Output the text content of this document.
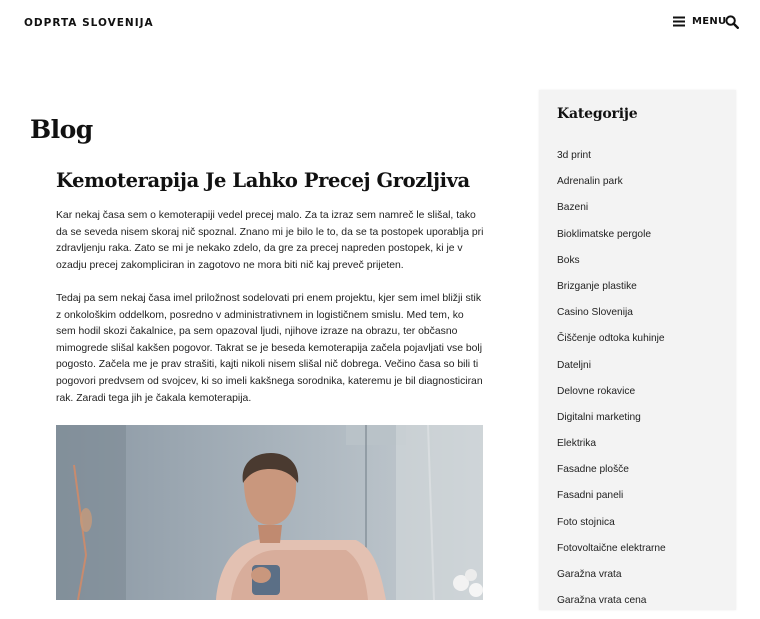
ODPRTA SLOVENIJA	MENU
Blog
Kemoterapija Je Lahko Precej Grozljiva

Kar nekaj časa sem o kemoterapiji vedel precej malo. Za ta izraz sem namreč le slišal, tako da se seveda nisem skoraj nič spoznal. Znano mi je bilo le to, da se ta postopek uporablja pri zdravljenju raka. Zato se mi je nekako zdelo, da gre za precej napreden postopek, ki je v ozadju precej zakompliciran in zagotovo ne mora biti nič kaj preveč prijeten.

Tedaj pa sem nekaj časa imel priložnost sodelovati pri enem projektu, kjer sem imel bližji stik z onkološkim oddelkom, posredno v administrativnem in logističnem smislu. Med tem, ko sem hodil skozi čakalnice, pa sem opazoval ljudi, njihove izraze na obrazu, ter občasno mimogrede slišal kakšen pogovor. Takrat se je beseda kemoterapija začela pojavljati vse bolj pogosto. Začela me je prav strašiti, kajti nikoli nisem slišal nič dobrega. Večino časa so bili ti pogovori predvsem od svojcev, ki so imeli kakšnega sorodnika, kateremu je bil diagnosticiran rak. Zaradi tega jih je čakala kemoterapija.

Kategorije
3d print
Adrenalin park
Bazeni
Bioklimatske pergole
Boks
Brizganje plastike
Casino Slovenija
Čiščenje odtoka kuhinje
Dateljni
Delovne rokavice
Digitalni marketing
Elektrika
Fasadne plošče
Fasadni paneli
Foto stojnica
Fotovoltaične elektrarne
Garažna vrata
Garažna vrata cena
